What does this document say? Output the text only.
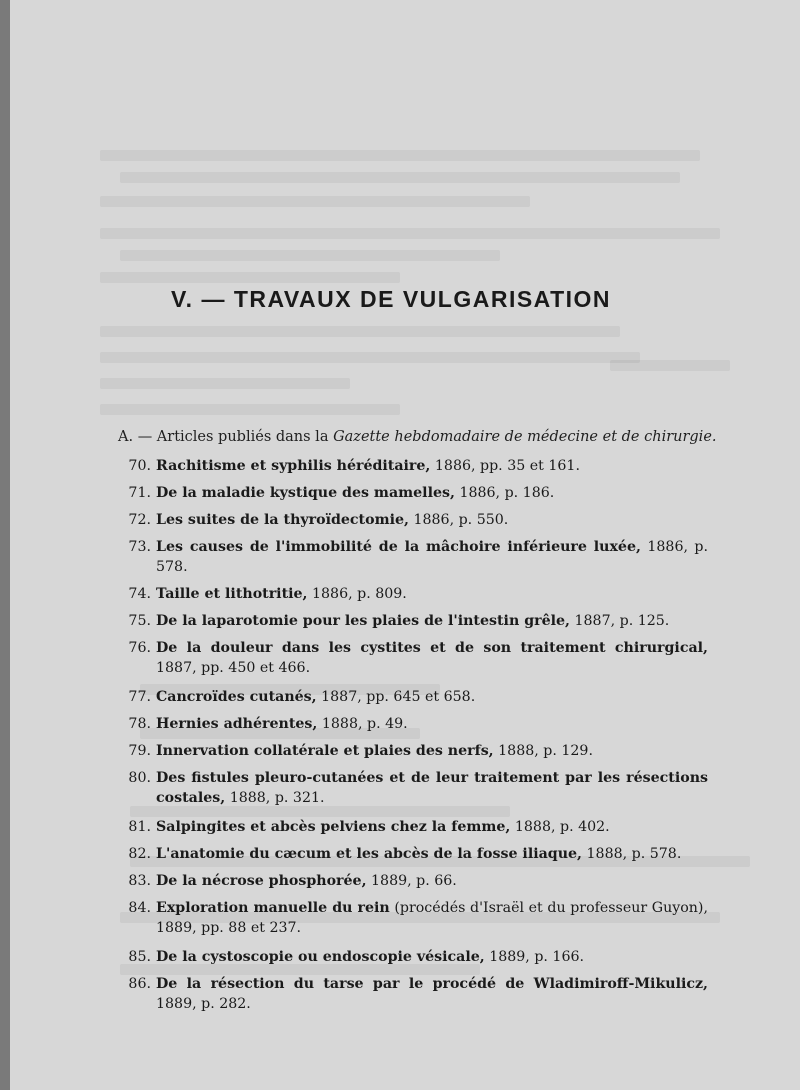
V. — TRAVAUX DE VULGARISATION
A. — Articles publiés dans la Gazette hebdomadaire de médecine et de chirurgie.
70. Rachitisme et syphilis héréditaire, 1886, pp. 35 et 161.
71. De la maladie kystique des mamelles, 1886, p. 186.
72. Les suites de la thyroïdectomie, 1886, p. 550.
73. Les causes de l'immobilité de la mâchoire inférieure luxée, 1886, p. 578.
74. Taille et lithotritie, 1886, p. 809.
75. De la laparotomie pour les plaies de l'intestin grêle, 1887, p. 125.
76. De la douleur dans les cystites et de son traitement chirurgical, 1887, pp. 450 et 466.
77. Cancroïdes cutanés, 1887, pp. 645 et 658.
78. Hernies adhérentes, 1888, p. 49.
79. Innervation collatérale et plaies des nerfs, 1888, p. 129.
80. Des fistules pleuro-cutanées et de leur traitement par les résections costales, 1888, p. 321.
81. Salpingites et abcès pelviens chez la femme, 1888, p. 402.
82. L'anatomie du cæcum et les abcès de la fosse iliaque, 1888, p. 578.
83. De la nécrose phosphorée, 1889, p. 66.
84. Exploration manuelle du rein (procédés d'Israël et du professeur Guyon), 1889, pp. 88 et 237.
85. De la cystoscopie ou endoscopie vésicale, 1889, p. 166.
86. De la résection du tarse par le procédé de Wladimiroff-Mikulicz, 1889, p. 282.
